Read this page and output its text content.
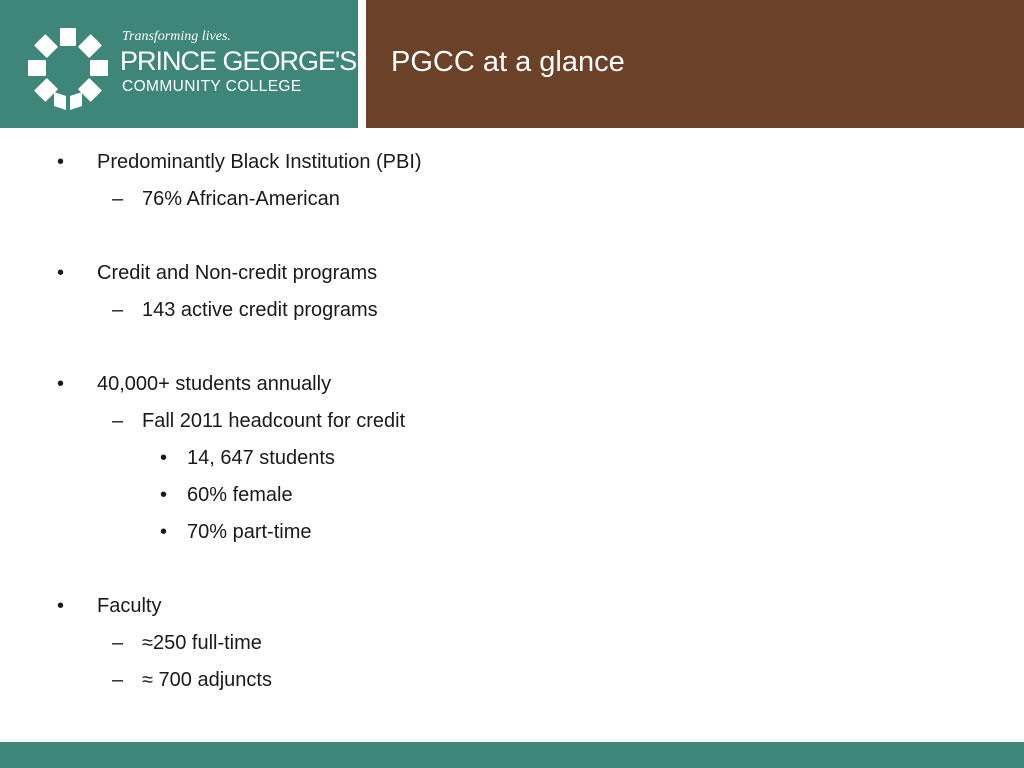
Transforming lives.
PRINCE GEORGE'S
COMMUNITY COLLEGE
PGCC at a glance
• Predominantly Black Institution (PBI)
– 76% African-American
• Credit and Non-credit programs
– 143 active credit programs
• 40,000+ students annually
– Fall 2011 headcount for credit
• 14, 647 students
• 60% female
• 70% part-time
• Faculty
– ≈250 full-time
– ≈ 700 adjuncts
